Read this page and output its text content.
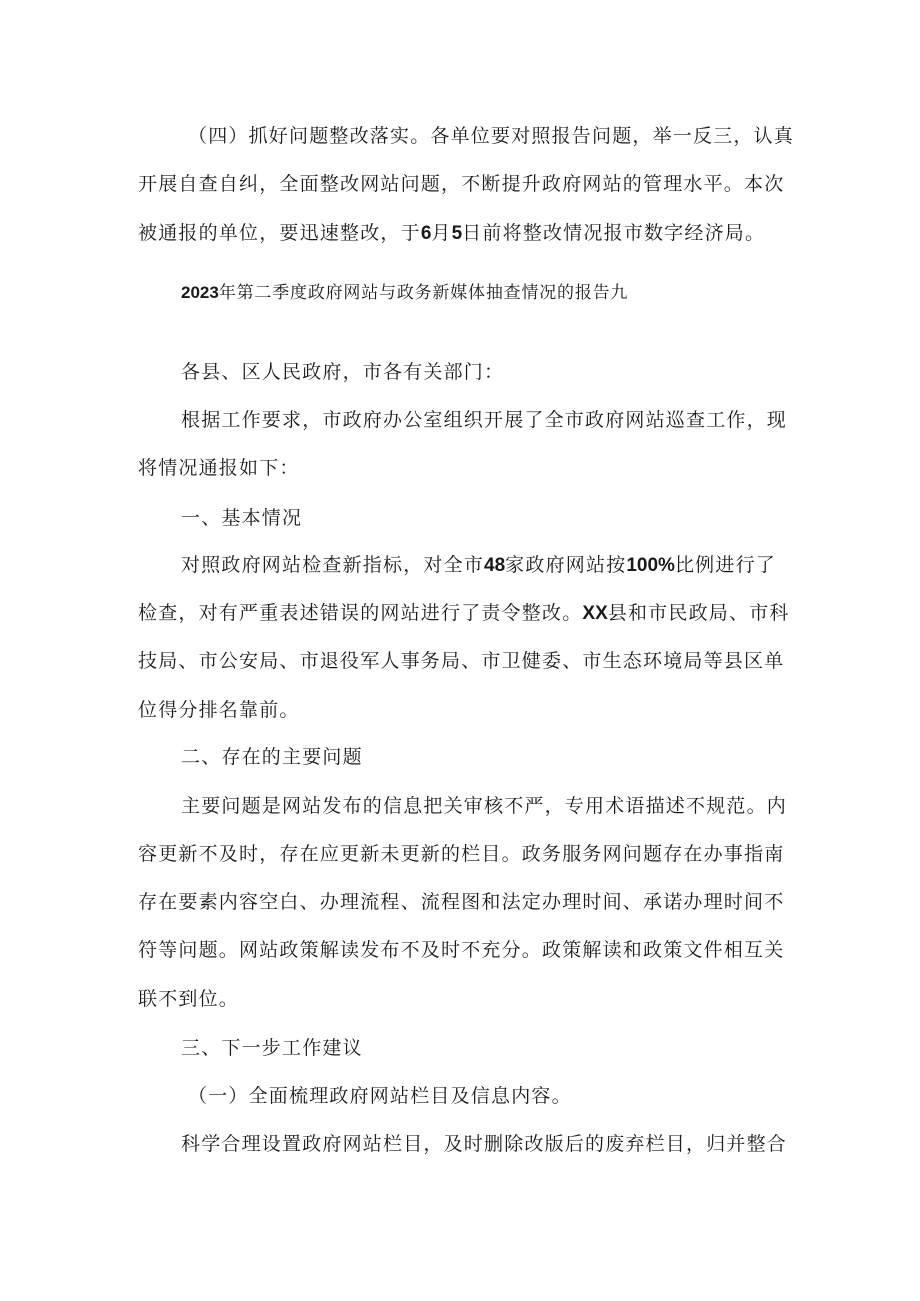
（四）抓好问题整改落实。各单位要对照报告问题，举一反三，认真
开展自查自纠，全面整改网站问题，不断提升政府网站的管理水平。本次
被通报的单位，要迅速整改，于6月5日前将整改情况报市数字经济局。
2023年第二季度政府网站与政务新媒体抽查情况的报告九
各县、区人民政府，市各有关部门：
根据工作要求，市政府办公室组织开展了全市政府网站巡查工作，现
将情况通报如下：
一、基本情况
对照政府网站检查新指标，对全市48家政府网站按100%比例进行了
检查，对有严重表述错误的网站进行了责令整改。XX县和市民政局、市科
技局、市公安局、市退役军人事务局、市卫健委、市生态环境局等县区单
位得分排名靠前。
二、存在的主要问题
主要问题是网站发布的信息把关审核不严，专用术语描述不规范。内
容更新不及时，存在应更新未更新的栏目。政务服务网问题存在办事指南
存在要素内容空白、办理流程、流程图和法定办理时间、承诺办理时间不
符等问题。网站政策解读发布不及时不充分。政策解读和政策文件相互关
联不到位。
三、下一步工作建议
（一）全面梳理政府网站栏目及信息内容。
科学合理设置政府网站栏目，及时删除改版后的废弃栏目，归并整合
